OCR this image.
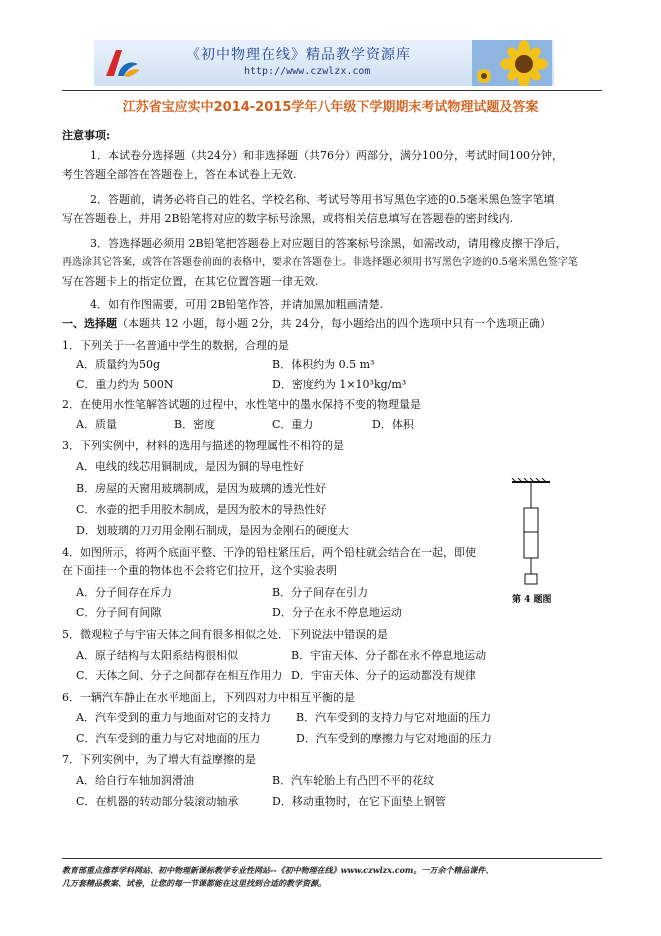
《初中物理在线》精品教学资源库
http://www.czwlzx.com
江苏省宝应实中2014-2015学年八年级下学期期末考试物理试题及答案
注意事项:
1．本试卷分选择题（共24分）和非选择题（共76分）两部分，满分100分，考试时间100分钟，
考生答题全部答在答题卷上，答在本试卷上无效.
2．答题前，请务必将自己的姓名、学校名称、考试号等用书写黑色字迹的0.5毫米黑色签字笔填
写在答题卷上，并用 2B铅笔将对应的数字标号涂黑，或将相关信息填写在答题卷的密封线内.
3．答选择题必须用 2B铅笔把答题卷上对应题目的答案标号涂黑，如需改动，请用橡皮擦干净后，
再选涂其它答案，或答在答题卷前面的表格中，要求在答题卷上。非选择题必须用书写黑色字迹的0.5毫米黑色签字笔
写在答题卡上的指定位置，在其它位置答题一律无效.
4．如有作图需要，可用 2B铅笔作答，并请加黑加粗画清楚.
一、选择题（本题共 12 小题，每小题 2分，共 24分，每小题给出的四个选项中只有一个选项正确）
1．下列关于一名普通中学生的数据，合理的是
A．质量约为50g	B．体积约为 0.5 m³
C．重力约为 500N	D．密度约为 1×10³kg/m³
2．在使用水性笔解答试题的过程中，水性笔中的墨水保持不变的物理量是
A．质量	B．密度	C．重力	D．体积
3．下列实例中，材料的选用与描述的物理属性不相符的是
A．电线的线芯用铜制成，是因为铜的导电性好
B．房屋的天窗用玻璃制成，是因为玻璃的透光性好
C．水壶的把手用胶木制成，是因为胶木的导热性好
D．划玻璃的刀刃用金刚石制成，是因为金刚石的硬度大
第 4 题图
4．如图所示，将两个底面平整、干净的铅柱紧压后，两个铅柱就会结合在一起，即使
在下面挂一个重的物体也不会将它们拉开，这个实验表明
A．分子间存在斥力	B．分子间存在引力
C．分子间有间隙	D．分子在永不停息地运动
5．微观粒子与宇宙天体之间有很多相似之处．下列说法中错误的是
A．原子结构与太阳系结构很相似	B．宇宙天体、分子都在永不停息地运动
C．天体之间、分子之间都存在相互作用力 D．宇宙天体、分子的运动都没有规律
6．一辆汽车静止在水平地面上，下列四对力中相互平衡的是
A．汽车受到的重力与地面对它的支持力 B．汽车受到的支持力与它对地面的压力
C．汽车受到的重力与它对地面的压力	D．汽车受到的摩擦力与它对地面的压力
7．下列实例中，为了增大有益摩擦的是
A．给自行车轴加润滑油	B．汽车轮胎上有凸凹不平的花纹
C．在机器的转动部分装滚动轴承	D．移动重物时，在它下面垫上钢管
教育部重点推荐学科网站、初中物理新课标教学专业性网站--《初中物理在线》www.czwlzx.com。一万余个精品课件、
几万套精品教案、试卷，让您的每一节课都能在这里找到合适的教学资源。
